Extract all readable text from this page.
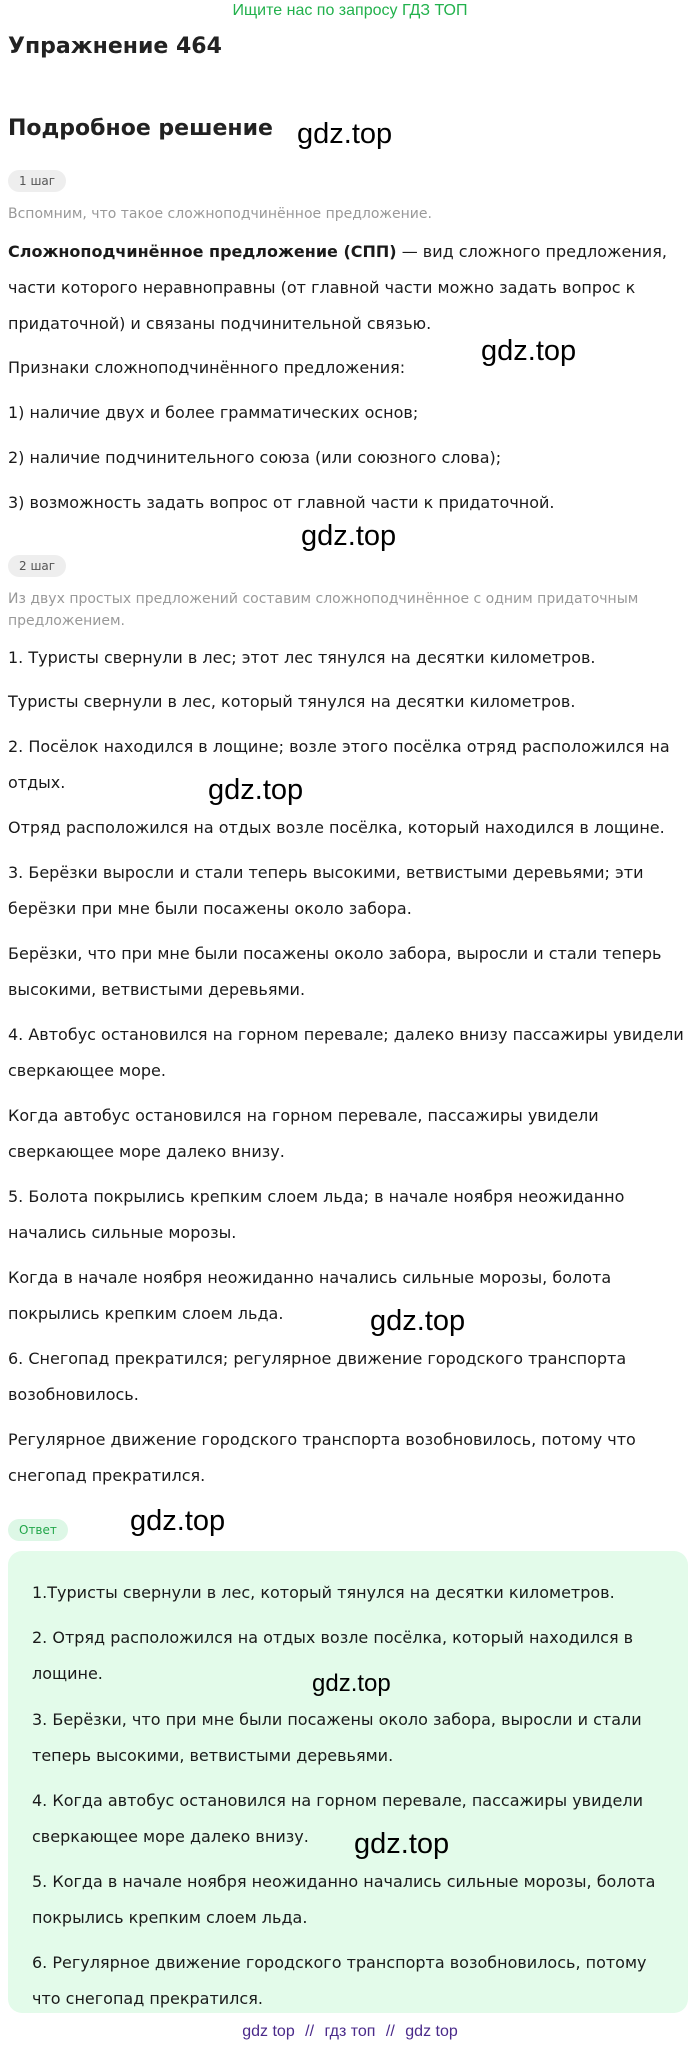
Ищите нас по запросу ГДЗ ТОП
Упражнение 464
Подробное решение gdz.top
1 шаг
Вспомним, что такое сложноподчинённое предложение.
Сложноподчинённое предложение (СПП) — вид сложного предложения, части которого неравноправны (от главной части можно задать вопрос к придаточной) и связаны подчинительной связью.
gdz.top
Признаки сложноподчинённого предложения:
1) наличие двух и более грамматических основ;
2) наличие подчинительного союза (или союзного слова);
3) возможность задать вопрос от главной части к придаточной.
gdz.top
2 шаг
Из двух простых предложений составим сложноподчинённое с одним придаточным предложением.
1. Туристы свернули в лес; этот лес тянулся на десятки километров.
Туристы свернули в лес, который тянулся на десятки километров.
2. Посёлок находился в лощине; возле этого посёлка отряд расположился на отдых.	gdz.top
Отряд расположился на отдых возле посёлка, который находился в лощине.
3. Берёзки выросли и стали теперь высокими, ветвистыми деревьями; эти берёзки при мне были посажены около забора.
Берёзки, что при мне были посажены около забора, выросли и стали теперь высокими, ветвистыми деревьями.
4. Автобус остановился на горном перевале; далеко внизу пассажиры увидели сверкающее море.
Когда автобус остановился на горном перевале, пассажиры увидели сверкающее море далеко внизу.
5. Болота покрылись крепким слоем льда; в начале ноября неожиданно начались сильные морозы.
Когда в начале ноября неожиданно начались сильные морозы, болота покрылись крепким слоем льда.	gdz.top
6. Снегопад прекратился; регулярное движение городского транспорта возобновилось.
Регулярное движение городского транспорта возобновилось, потому что снегопад прекратился.
Ответ	gdz.top
1.Туристы свернули в лес, который тянулся на десятки километров.
2. Отряд расположился на отдых возле посёлка, который находился в лощине.	gdz.top
3. Берёзки, что при мне были посажены около забора, выросли и стали теперь высокими, ветвистыми деревьями.
4. Когда автобус остановился на горном перевале, пассажиры увидели сверкающее море далеко внизу.	gdz.top
5. Когда в начале ноября неожиданно начались сильные морозы, болота покрылись крепким слоем льда.
6. Регулярное движение городского транспорта возобновилось, потому что снегопад прекратился.
gdz top // гдз топ // gdz top
